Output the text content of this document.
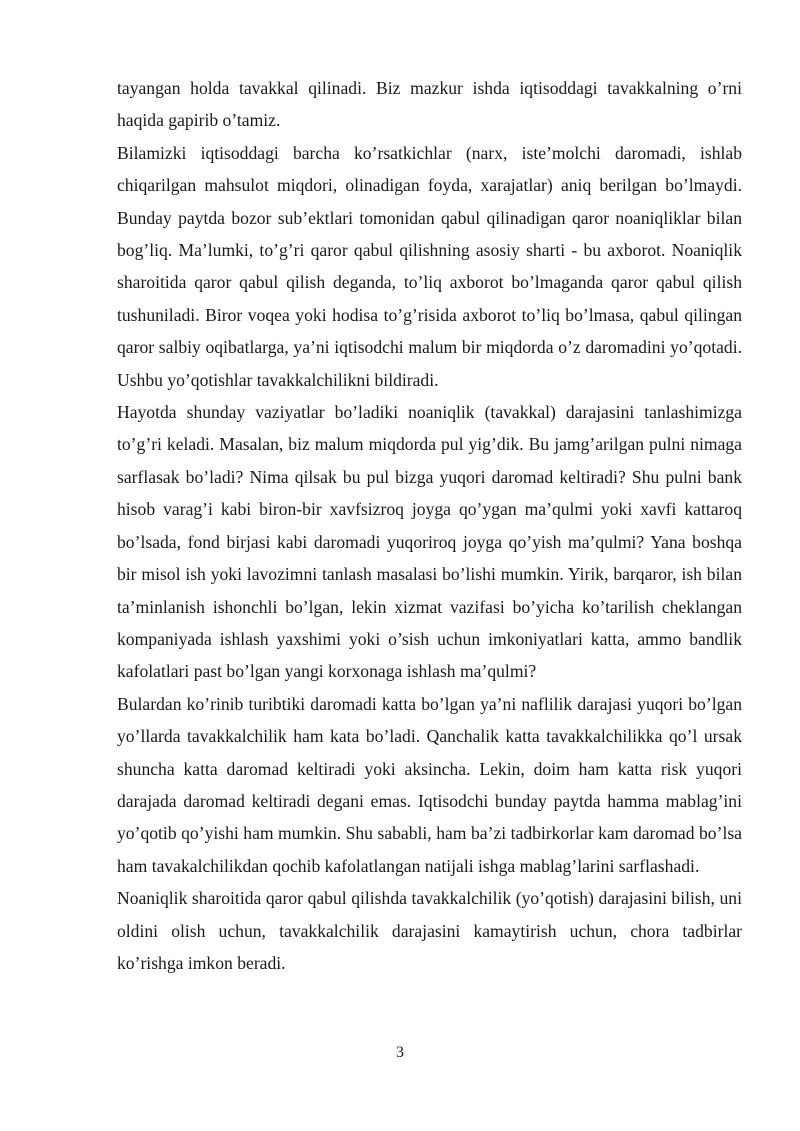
tayangan holda tavakkal qilinadi. Biz mazkur ishda iqtisoddagi tavakkalning o’rni haqida gapirib o’tamiz.

Bilamizki iqtisoddagi barcha ko’rsatkichlar (narx, iste’molchi daromadi, ishlab chiqarilgan mahsulot miqdori, olinadigan foyda, xarajatlar) aniq berilgan bo’lmaydi. Bunday paytda bozor sub’ektlari tomonidan qabul qilinadigan qaror noaniqliklar bilan bog’liq. Ma’lumki, to’g’ri qaror qabul qilishning asosiy sharti - bu axborot. Noaniqlik sharoitida qaror qabul qilish deganda, to’liq axborot bo’lmaganda qaror qabul qilish tushuniladi. Biror voqea yoki hodisa to’g’risida axborot to’liq bo’lmasa, qabul qilingan qaror salbiy oqibatlarga, ya’ni iqtisodchi malum bir miqdorda o’z daromadini yo’qotadi. Ushbu yo’qotishlar tavakkalchilikni bildiradi.

Hayotda shunday vaziyatlar bo’ladiki noaniqlik (tavakkal) darajasini tanlashimizga to’g’ri keladi. Masalan, biz malum miqdorda pul yig’dik. Bu jamg’arilgan pulni nimaga sarflasak bo’ladi? Nima qilsak bu pul bizga yuqori daromad keltiradi? Shu pulni bank hisob varag’i kabi biron-bir xavfsizroq joyga qo’ygan ma’qulmi yoki xavfi kattaroq bo’lsada, fond birjasi kabi daromadi yuqoriroq joyga qo’yish ma’qulmi? Yana boshqa bir misol ish yoki lavozimni tanlash masalasi bo’lishi mumkin. Yirik, barqaror, ish bilan ta’minlanish ishonchli bo’lgan, lekin xizmat vazifasi bo’yicha ko’tarilish cheklangan kompaniyada ishlash yaxshimi yoki o’sish uchun imkoniyatlari katta, ammo bandlik kafolatlari past bo’lgan yangi korxonaga ishlash ma’qulmi?

Bulardan ko’rinib turibtiki daromadi katta bo’lgan ya’ni naflilik darajasi yuqori bo’lgan yo’llarda tavakkalchilik ham kata bo’ladi. Qanchalik katta tavakkalchilikka qo’l ursak shuncha katta daromad keltiradi yoki aksincha. Lekin, doim ham katta risk yuqori darajada daromad keltiradi degani emas. Iqtisodchi bunday paytda hamma mablag’ini yo’qotib qo’yishi ham mumkin. Shu sababli, ham ba’zi tadbirkorlar kam daromad bo’lsa ham tavakalchilikdan qochib kafolatlangan natijali ishga mablag’larini sarflashadi.

Noaniqlik sharoitida qaror qabul qilishda tavakkalchilik (yo’qotish) darajasini bilish, uni oldini olish uchun, tavakkalchilik darajasini kamaytirish uchun, chora tadbirlar ko’rishga imkon beradi.

3
